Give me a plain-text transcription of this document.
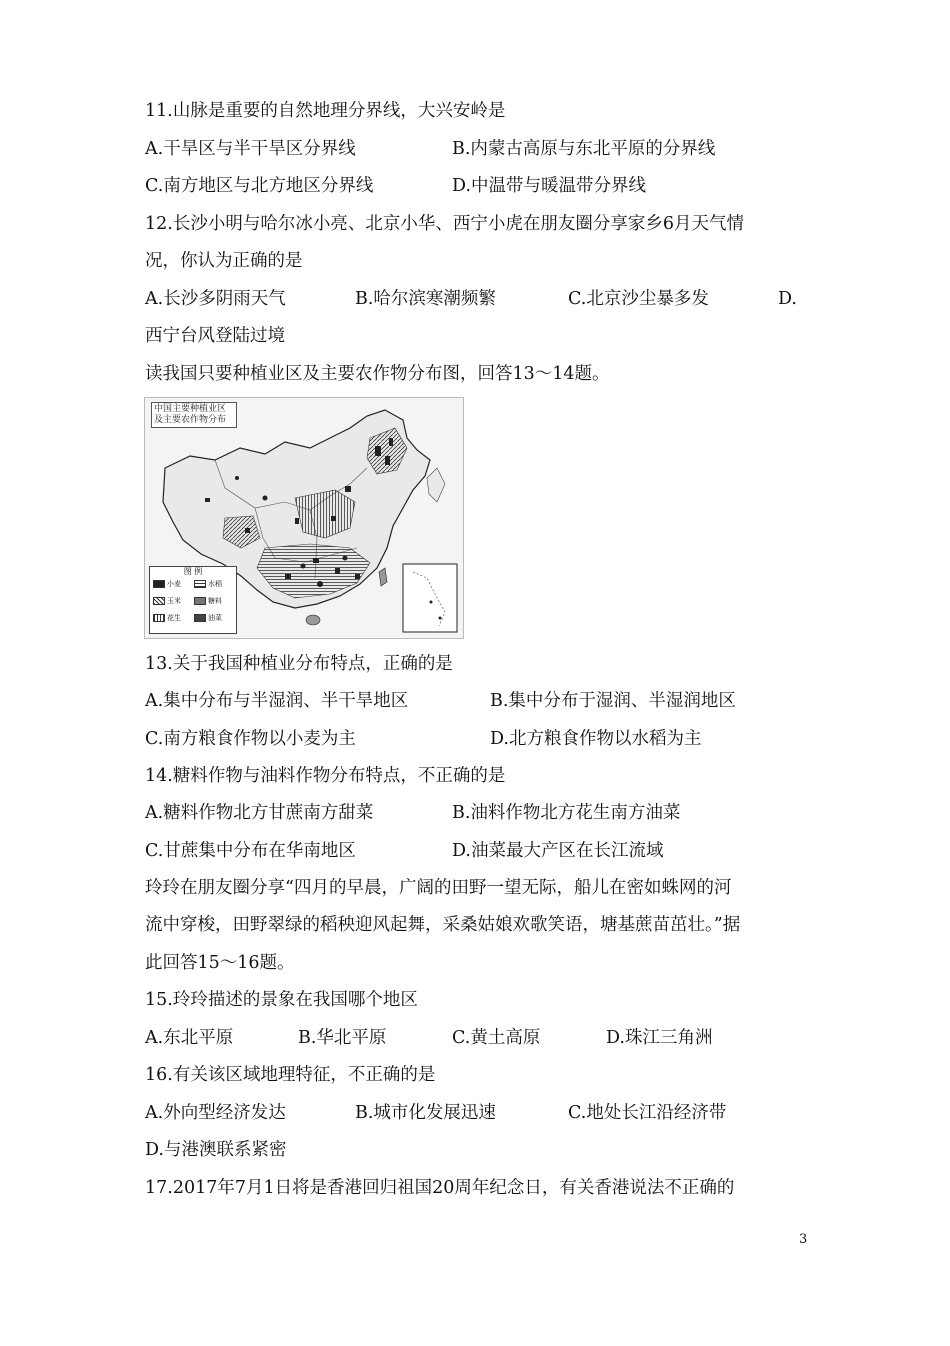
11.山脉是重要的自然地理分界线，大兴安岭是
A.干旱区与半干旱区分界线	B.内蒙古高原与东北平原的分界线
C.南方地区与北方地区分界线	D.中温带与暖温带分界线
12.长沙小明与哈尔冰小亮、北京小华、西宁小虎在朋友圈分享家乡6月天气情
况，你认为正确的是
A.长沙多阴雨天气	B.哈尔滨寒潮频繁	C.北京沙尘暴多发	D.
西宁台风登陆过境
读我国只要种植业区及主要农作物分布图，回答13～14题。
中国主要种植业区及主要农作物分布
图 例
小麦	水稻
玉米	糖料
花生	油菜
13.关于我国种植业分布特点，正确的是
A.集中分布与半湿润、半干旱地区	B.集中分布于湿润、半湿润地区
C.南方粮食作物以小麦为主	D.北方粮食作物以水稻为主
14.糖料作物与油料作物分布特点，不正确的是
A.糖料作物北方甘蔗南方甜菜	B.油料作物北方花生南方油菜
C.甘蔗集中分布在华南地区	D.油菜最大产区在长江流域
玲玲在朋友圈分享“四月的早晨，广阔的田野一望无际，船儿在密如蛛网的河
流中穿梭，田野翠绿的稻秧迎风起舞，采桑姑娘欢歌笑语，塘基蔗苗茁壮。”据
此回答15～16题。
15.玲玲描述的景象在我国哪个地区
A.东北平原	B.华北平原	C.黄土高原	D.珠江三角洲
16.有关该区域地理特征，不正确的是
A.外向型经济发达	B.城市化发展迅速	C.地处长江沿经济带
D.与港澳联系紧密
17.2017年7月1日将是香港回归祖国20周年纪念日，有关香港说法不正确的
3
